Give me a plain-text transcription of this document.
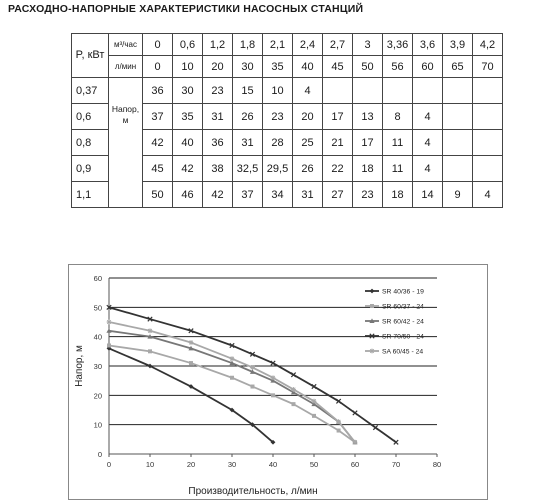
РАСХОДНО-НАПОРНЫЕ ХАРАКТЕРИСТИКИ НАСОСНЫХ СТАНЦИЙ
P, кВт	м³/час	0	0,6	1,2	1,8	2,1	2,4	2,7	3	3,36	3,6	3,9	4,2
	л/мин	0	10	20	30	35	40	45	50	56	60	65	70
0,37	Напор, м	36	30	23	15	10	4						
0,6		37	35	31	26	23	20	17	13	8	4		
0,8		42	40	36	31	28	25	21	17	11	4		
0,9		45	42	38	32,5	29,5	26	22	18	11	4		
1,1		50	46	42	37	34	31	27	23	18	14	9	4
0
10
20
30
40
50
60
0	10	20	30	40	50	60	70	80
Производительность, л/мин
Напор, м
SR 40/36 - 19
SR 60/37 - 24
SR 60/42 - 24
SR 70/50 - 24
SA 60/45 - 24
